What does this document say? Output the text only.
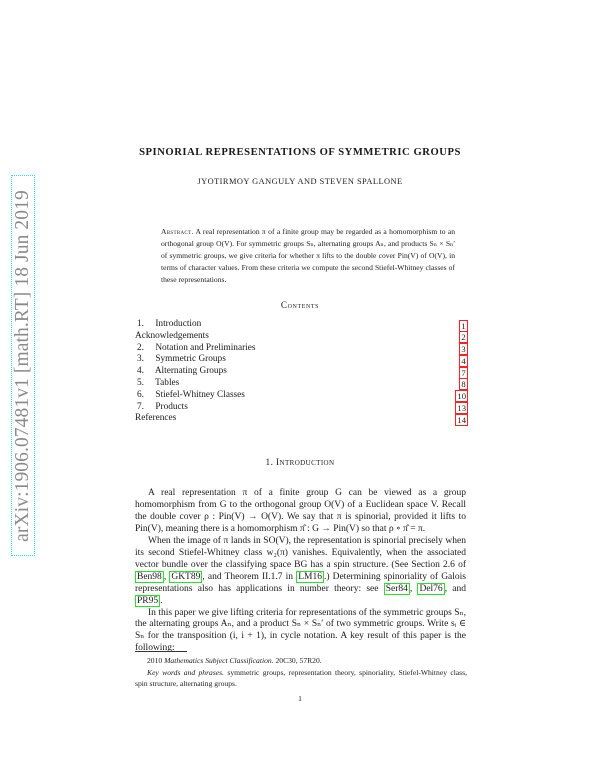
arXiv:1906.07481v1 [math.RT] 18 Jun 2019
SPINORIAL REPRESENTATIONS OF SYMMETRIC GROUPS
JYOTIRMOY GANGULY AND STEVEN SPALLONE
Abstract. A real representation π of a finite group may be regarded as a homomorphism to an orthogonal group O(V). For symmetric groups Sₙ, alternating groups Aₙ, and products Sₙ × Sₙ′ of symmetric groups, we give criteria for whether π lifts to the double cover Pin(V) of O(V), in terms of character values. From these criteria we compute the second Stiefel-Whitney classes of these representations.
Contents
1. Introduction	1
Acknowledgements	2
2. Notation and Preliminaries	3
3. Symmetric Groups	4
4. Alternating Groups	7
5. Tables	8
6. Stiefel-Whitney Classes	10
7. Products	13
References	14
1. Introduction

A real representation π of a finite group G can be viewed as a group homomorphism from G to the orthogonal group O(V) of a Euclidean space V. Recall the double cover ρ : Pin(V) → O(V). We say that π is spinorial, provided it lifts to Pin(V), meaning there is a homomorphism π̂ : G → Pin(V) so that ρ ∘ π̂ = π.

When the image of π lands in SO(V), the representation is spinorial precisely when its second Stiefel-Whitney class w₂(π) vanishes. Equivalently, when the associated vector bundle over the classifying space BG has a spin structure. (See Section 2.6 of Ben98 , GKT89 , and Theorem II.1.7 in LM16 .) Determining spinoriality of Galois representations also has applications in number theory: see Ser84 , Del76 , and PR95 .

In this paper we give lifting criteria for representations of the symmetric groups Sₙ, the alternating groups Aₙ, and a product Sₙ × Sₙ′ of two symmetric groups. Write sᵢ ∈ Sₙ for the transposition (i, i + 1), in cycle notation. A key result of this paper is the following:

2010 Mathematics Subject Classification. 20C30, 57R20.

Key words and phrases. symmetric groups, representation theory, spinoriality, Stiefel-Whitney class, spin structure, alternating groups.

1
